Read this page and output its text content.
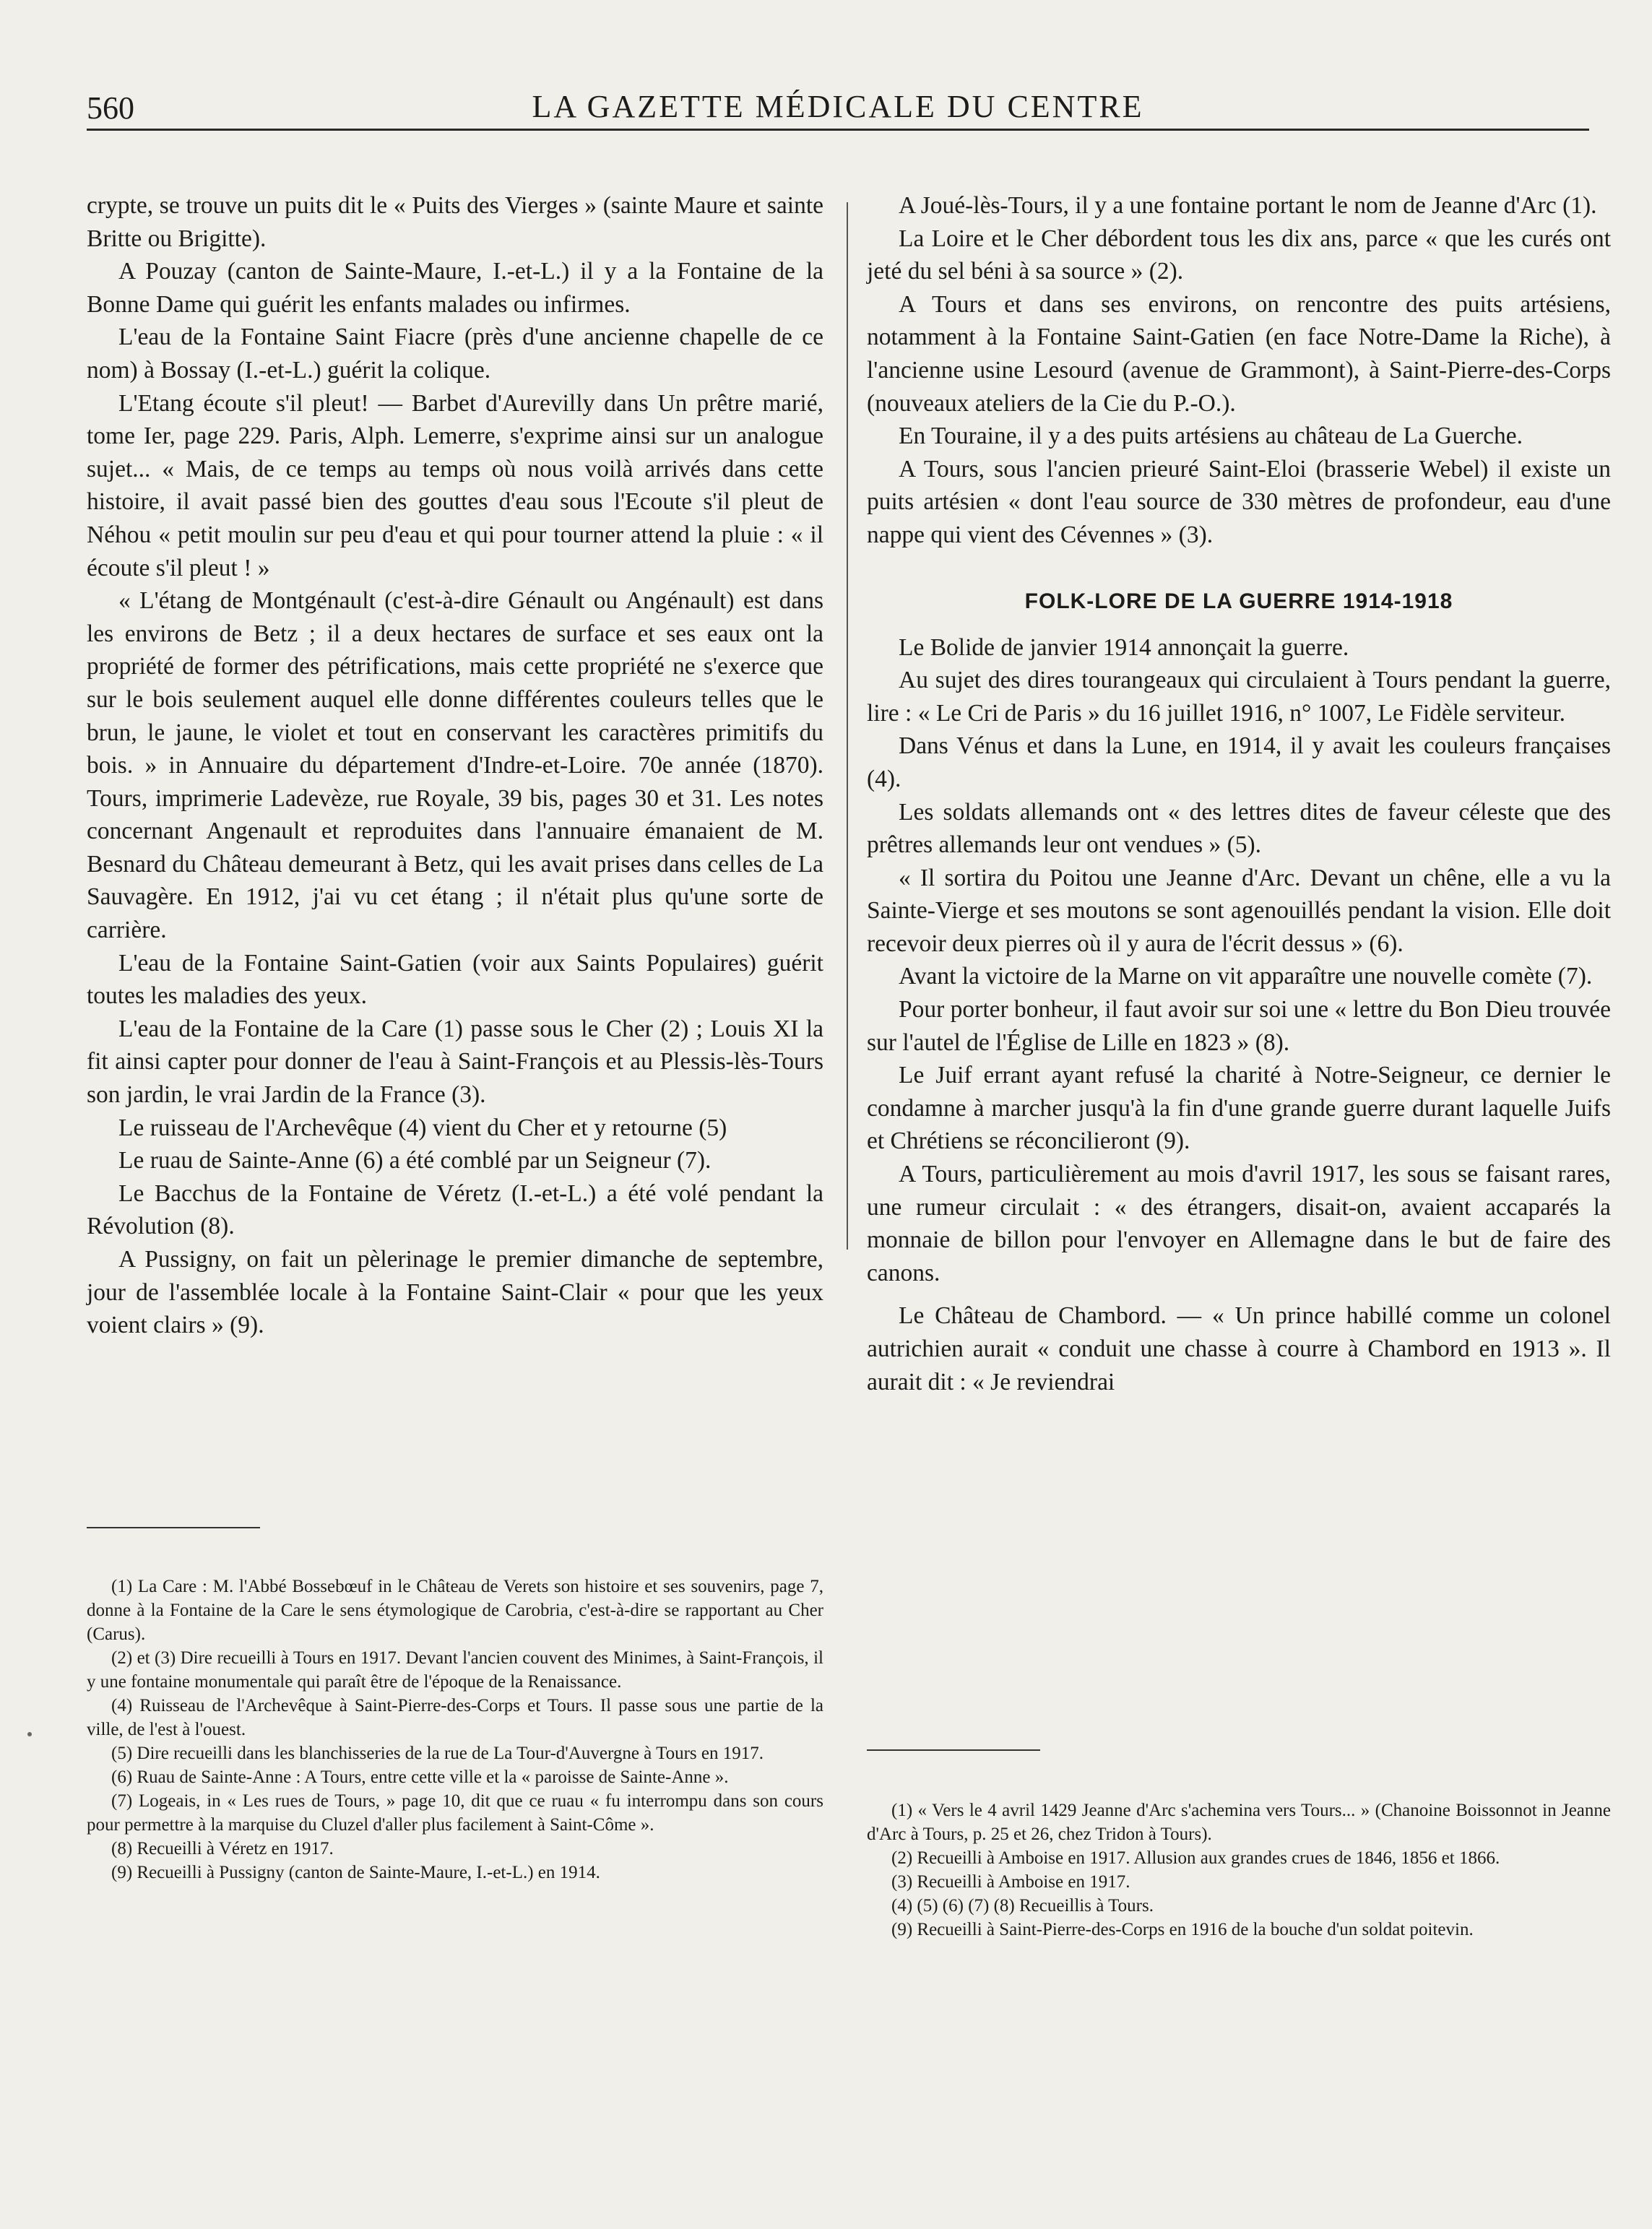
560	LA GAZETTE MÉDICALE DU CENTRE

crypte, se trouve un puits dit le « Puits des Vierges » (sainte Maure et sainte Britte ou Brigitte).

A Pouzay (canton de Sainte-Maure, I.-et-L.) il y a la Fontaine de la Bonne Dame qui guérit les enfants malades ou infirmes.

L'eau de la Fontaine Saint Fiacre (près d'une ancienne chapelle de ce nom) à Bossay (I.-et-L.) guérit la colique.

L'Etang écoute s'il pleut! — Barbet d'Aurevilly dans Un prêtre marié, tome Ier, page 229. Paris, Alph. Lemerre, s'exprime ainsi sur un analogue sujet... « Mais, de ce temps au temps où nous voilà arrivés dans cette histoire, il avait passé bien des gouttes d'eau sous l'Ecoute s'il pleut de Néhou « petit moulin sur peu d'eau et qui pour tourner attend la pluie : « il écoute s'il pleut ! »

« L'étang de Montgénault (c'est-à-dire Génault ou Angénault) est dans les environs de Betz ; il a deux hectares de surface et ses eaux ont la propriété de former des pétrifications, mais cette propriété ne s'exerce que sur le bois seulement auquel elle donne différentes couleurs telles que le brun, le jaune, le violet et tout en conservant les caractères primitifs du bois. » in Annuaire du département d'Indre-et-Loire. 70e année (1870). Tours, imprimerie Ladevèze, rue Royale, 39 bis, pages 30 et 31. Les notes concernant Angenault et reproduites dans l'annuaire émanaient de M. Besnard du Château demeurant à Betz, qui les avait prises dans celles de La Sauvagère. En 1912, j'ai vu cet étang ; il n'était plus qu'une sorte de carrière.

L'eau de la Fontaine Saint-Gatien (voir aux Saints Populaires) guérit toutes les maladies des yeux.

L'eau de la Fontaine de la Care (1) passe sous le Cher (2) ; Louis XI la fit ainsi capter pour donner de l'eau à Saint-François et au Plessis-lès-Tours son jardin, le vrai Jardin de la France (3).

Le ruisseau de l'Archevêque (4) vient du Cher et y retourne (5)

Le ruau de Sainte-Anne (6) a été comblé par un Seigneur (7).

Le Bacchus de la Fontaine de Véretz (I.-et-L.) a été volé pendant la Révolution (8).

A Pussigny, on fait un pèlerinage le premier dimanche de septembre, jour de l'assemblée locale à la Fontaine Saint-Clair « pour que les yeux voient clairs » (9).

A Joué-lès-Tours, il y a une fontaine portant le nom de Jeanne d'Arc (1).

La Loire et le Cher débordent tous les dix ans, parce « que les curés ont jeté du sel béni à sa source » (2).

A Tours et dans ses environs, on rencontre des puits artésiens, notamment à la Fontaine Saint-Gatien (en face Notre-Dame la Riche), à l'ancienne usine Lesourd (avenue de Grammont), à Saint-Pierre-des-Corps (nouveaux ateliers de la Cie du P.-O.).

En Touraine, il y a des puits artésiens au château de La Guerche.

A Tours, sous l'ancien prieuré Saint-Eloi (brasserie Webel) il existe un puits artésien « dont l'eau source de 330 mètres de profondeur, eau d'une nappe qui vient des Cévennes » (3).

FOLK-LORE DE LA GUERRE 1914-1918

Le Bolide de janvier 1914 annonçait la guerre.

Au sujet des dires tourangeaux qui circulaient à Tours pendant la guerre, lire : « Le Cri de Paris » du 16 juillet 1916, n° 1007, Le Fidèle serviteur.

Dans Vénus et dans la Lune, en 1914, il y avait les couleurs françaises (4).

Les soldats allemands ont « des lettres dites de faveur céleste que des prêtres allemands leur ont vendues » (5).

« Il sortira du Poitou une Jeanne d'Arc. Devant un chêne, elle a vu la Sainte-Vierge et ses moutons se sont agenouillés pendant la vision. Elle doit recevoir deux pierres où il y aura de l'écrit dessus » (6).

Avant la victoire de la Marne on vit apparaître une nouvelle comète (7).

Pour porter bonheur, il faut avoir sur soi une « lettre du Bon Dieu trouvée sur l'autel de l'Église de Lille en 1823 » (8).

Le Juif errant ayant refusé la charité à Notre-Seigneur, ce dernier le condamne à marcher jusqu'à la fin d'une grande guerre durant laquelle Juifs et Chrétiens se réconcilieront (9).

A Tours, particulièrement au mois d'avril 1917, les sous se faisant rares, une rumeur circulait : « des étrangers, disait-on, avaient accaparés la monnaie de billon pour l'envoyer en Allemagne dans le but de faire des canons.

Le Château de Chambord. — « Un prince habillé comme un colonel autrichien aurait « conduit une chasse à courre à Chambord en 1913 ». Il aurait dit : « Je reviendrai

(1) La Care : M. l'Abbé Bossebœuf in le Château de Verets son histoire et ses souvenirs, page 7, donne à la Fontaine de la Care le sens étymologique de Carobria, c'est-à-dire se rapportant au Cher (Carus).

(2) et (3) Dire recueilli à Tours en 1917. Devant l'ancien couvent des Minimes, à Saint-François, il y une fontaine monumentale qui paraît être de l'époque de la Renaissance.

(4) Ruisseau de l'Archevêque à Saint-Pierre-des-Corps et Tours. Il passe sous une partie de la ville, de l'est à l'ouest.

(5) Dire recueilli dans les blanchisseries de la rue de La Tour-d'Auvergne à Tours en 1917.

(6) Ruau de Sainte-Anne : A Tours, entre cette ville et la « paroisse de Sainte-Anne ».

(7) Logeais, in « Les rues de Tours, » page 10, dit que ce ruau « fu interrompu dans son cours pour permettre à la marquise du Cluzel d'aller plus facilement à Saint-Côme ».

(8) Recueilli à Véretz en 1917.

(9) Recueilli à Pussigny (canton de Sainte-Maure, I.-et-L.) en 1914.

(1) « Vers le 4 avril 1429 Jeanne d'Arc s'achemina vers Tours... » (Chanoine Boissonnot in Jeanne d'Arc à Tours, p. 25 et 26, chez Tridon à Tours).

(2) Recueilli à Amboise en 1917. Allusion aux grandes crues de 1846, 1856 et 1866.

(3) Recueilli à Amboise en 1917.

(4) (5) (6) (7) (8) Recueillis à Tours.

(9) Recueilli à Saint-Pierre-des-Corps en 1916 de la bouche d'un soldat poitevin.
